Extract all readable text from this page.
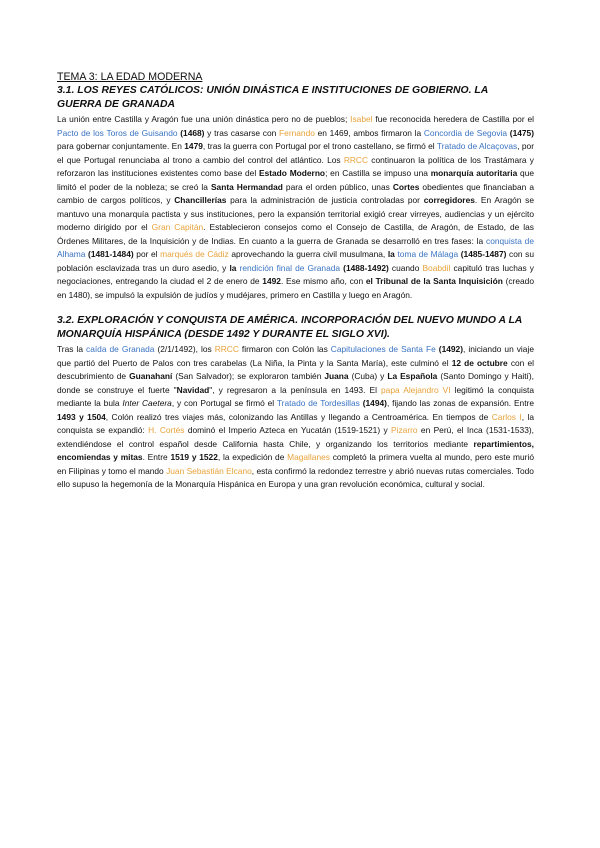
TEMA 3: LA EDAD MODERNA

3.1. LOS REYES CATÓLICOS: UNIÓN DINÁSTICA E INSTITUCIONES DE GOBIERNO. LA GUERRA DE GRANADA

La unión entre Castilla y Aragón fue una unión dinástica pero no de pueblos; Isabel fue reconocida heredera de Castilla por el Pacto de los Toros de Guisando (1468) y tras casarse con Fernando en 1469, ambos firmaron la Concordia de Segovia (1475) para gobernar conjuntamente. En 1479, tras la guerra con Portugal por el trono castellano, se firmó el Tratado de Alcaçovas, por el que Portugal renunciaba al trono a cambio del control del atlántico. Los RRCC continuaron la política de los Trastámara y reforzaron las instituciones existentes como base del Estado Moderno; en Castilla se impuso una monarquía autoritaria que limitó el poder de la nobleza; se creó la Santa Hermandad para el orden público, unas Cortes obedientes que financiaban a cambio de cargos políticos, y Chancillerías para la administración de justicia controladas por corregidores. En Aragón se mantuvo una monarquía pactista y sus instituciones, pero la expansión territorial exigió crear virreyes, audiencias y un ejército moderno dirigido por el Gran Capitán. Establecieron consejos como el Consejo de Castilla, de Aragón, de Estado, de las Órdenes Militares, de la Inquisición y de Indias. En cuanto a la guerra de Granada se desarrolló en tres fases: la conquista de Alhama (1481-1484) por el marqués de Cádiz aprovechando la guerra civil musulmana, la toma de Málaga (1485-1487) con su población esclavizada tras un duro asedio, y la rendición final de Granada (1488-1492) cuando Boabdil capituló tras luchas y negociaciones, entregando la ciudad el 2 de enero de 1492. Ese mismo año, con el Tribunal de la Santa Inquisición (creado en 1480), se impulsó la expulsión de judíos y mudéjares, primero en Castilla y luego en Aragón.

3.2. EXPLORACIÓN Y CONQUISTA DE AMÉRICA. INCORPORACIÓN DEL NUEVO MUNDO A LA MONARQUÍA HISPÁNICA (DESDE 1492 Y DURANTE EL SIGLO XVI).

Tras la caída de Granada (2/1/1492), los RRCC firmaron con Colón las Capitulaciones de Santa Fe (1492), iniciando un viaje que partió del Puerto de Palos con tres carabelas (La Niña, la Pinta y la Santa María), este culminó el 12 de octubre con el descubrimiento de Guanahaní (San Salvador); se exploraron también Juana (Cuba) y La Española (Santo Domingo y Haití), donde se construye el fuerte "Navidad", y regresaron a la península en 1493. El papa Alejandro VI legitimó la conquista mediante la bula Inter Caetera, y con Portugal se firmó el Tratado de Tordesillas (1494), fijando las zonas de expansión. Entre 1493 y 1504, Colón realizó tres viajes más, colonizando las Antillas y llegando a Centroamérica. En tiempos de Carlos I, la conquista se expandió: H. Cortés dominó el Imperio Azteca en Yucatán (1519-1521) y Pizarro en Perú, el Inca (1531-1533), extendiéndose el control español desde California hasta Chile, y organizando los territorios mediante repartimientos, encomiendas y mitas. Entre 1519 y 1522, la expedición de Magallanes completó la primera vuelta al mundo, pero este murió en Filipinas y tomo el mando Juan Sebastián Elcano, esta confirmó la redondez terrestre y abrió nuevas rutas comerciales. Todo ello supuso la hegemonía de la Monarquía Hispánica en Europa y una gran revolución económica, cultural y social.
